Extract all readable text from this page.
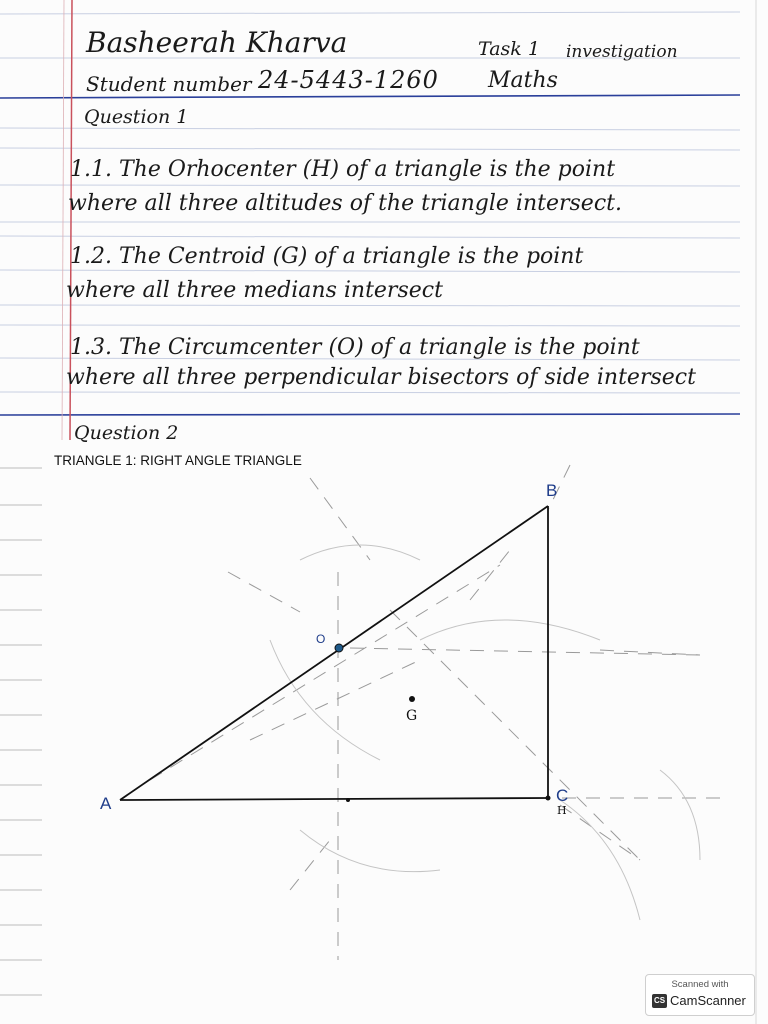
Basheerah Kharva	Task 1 investigation
Student number 24-5443-1260 Maths
Question 1
1.1. The Orhocenter (H) of a triangle is the point
where all three altitudes of the triangle intersect.
1.2. The Centroid (G) of a triangle is the point
where all three medians intersect
1.3. The Circumcenter (O) of a triangle is the point
where all three perpendicular bisectors of side intersect
Question 2
TRIANGLE 1: RIGHT ANGLE TRIANGLE
A
B
C
H
O
G
Scanned with
CS CamScanner
